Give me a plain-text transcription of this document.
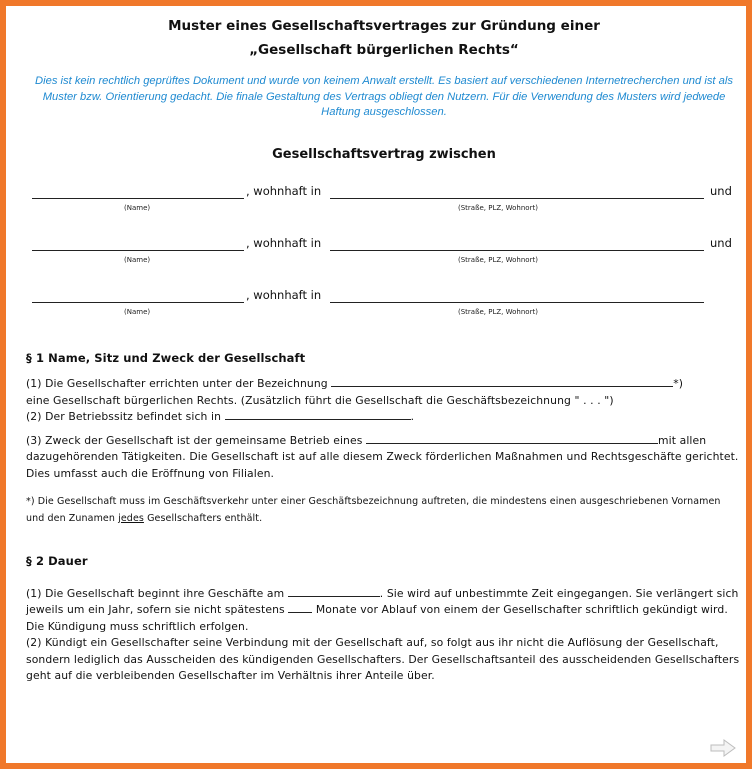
Muster eines Gesellschaftsvertrages zur Gründung einer
„Gesellschaft bürgerlichen Rechts“
Dies ist kein rechtlich geprüftes Dokument und wurde von keinem Anwalt erstellt. Es basiert auf verschiedenen Internetrecherchen und ist als Muster bzw. Orientierung gedacht. Die finale Gestaltung des Vertrags obliegt den Nutzern. Für die Verwendung des Musters wird jedwede Haftung ausgeschlossen.
Gesellschaftsvertrag zwischen
, wohnhaft in	und
(Name)	(Straße, PLZ, Wohnort)
, wohnhaft in	und
(Name)	(Straße, PLZ, Wohnort)
, wohnhaft in
(Name)	(Straße, PLZ, Wohnort)
§ 1 Name, Sitz und Zweck der Gesellschaft
(1) Die Gesellschafter errichten unter der Bezeichnung	*)
eine Gesellschaft bürgerlichen Rechts. (Zusätzlich führt die Gesellschaft die Geschäftsbezeichnung " . . . ")
(2) Der Betriebssitz befindet sich in	.
(3) Zweck der Gesellschaft ist der gemeinsame Betrieb eines	mit allen dazugehörenden Tätigkeiten. Die Gesellschaft ist auf alle diesem Zweck förderlichen Maßnahmen und Rechtsgeschäfte gerichtet. Dies umfasst auch die Eröffnung von Filialen.
*) Die Gesellschaft muss im Geschäftsverkehr unter einer Geschäftsbezeichnung auftreten, die mindestens einen ausgeschriebenen Vornamen und den Zunamen jedes Gesellschafters enthält.
§ 2 Dauer
(1) Die Gesellschaft beginnt ihre Geschäfte am	. Sie wird auf unbestimmte Zeit eingegangen. Sie verlängert sich jeweils um ein Jahr, sofern sie nicht spätestens	Monate vor Ablauf von einem der Gesellschafter schriftlich gekündigt wird. Die Kündigung muss schriftlich erfolgen.
(2) Kündigt ein Gesellschafter seine Verbindung mit der Gesellschaft auf, so folgt aus ihr nicht die Auflösung der Gesellschaft, sondern lediglich das Ausscheiden des kündigenden Gesellschafters. Der Gesellschaftsanteil des ausscheidenden Gesellschafters geht auf die verbleibenden Gesellschafter im Verhältnis ihrer Anteile über.
